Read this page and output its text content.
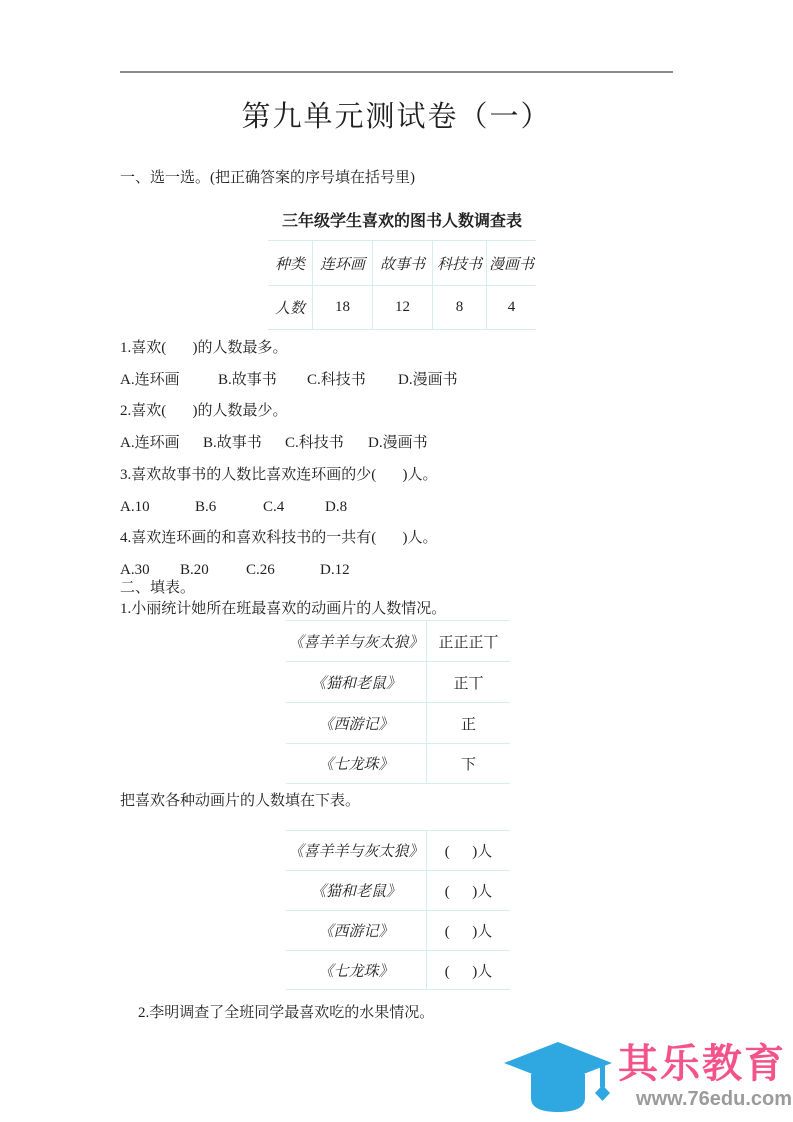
第九单元测试卷（一）
一、选一选。(把正确答案的序号填在括号里)
三年级学生喜欢的图书人数调查表
种类 连环画 故事书 科技书 漫画书
人数	18	12	8	4
1.喜欢(       )的人数最多。
A.连环画	B.故事书 C.科技书 D.漫画书
2.喜欢(       )的人数最少。
A.连环画 B.故事书 C.科技书 D.漫画书
3.喜欢故事书的人数比喜欢连环画的少(       )人。
A.10	B.6	C.4	D.8
4.喜欢连环画的和喜欢科技书的一共有(       )人。
A.30 B.20 C.26	D.12
二、填表。
1.小丽统计她所在班最喜欢的动画片的人数情况。
《喜羊羊与灰太狼》 正正正丅
《猫和老鼠》	正丅
《西游记》	正
《七龙珠》	下
把喜欢各种动画片的人数填在下表。
《喜羊羊与灰太狼》	(      )人
《猫和老鼠》	(      )人
《西游记》	(      )人
《七龙珠》	(      )人
2.李明调查了全班同学最喜欢吃的水果情况。
其乐教育
www.76edu.com
